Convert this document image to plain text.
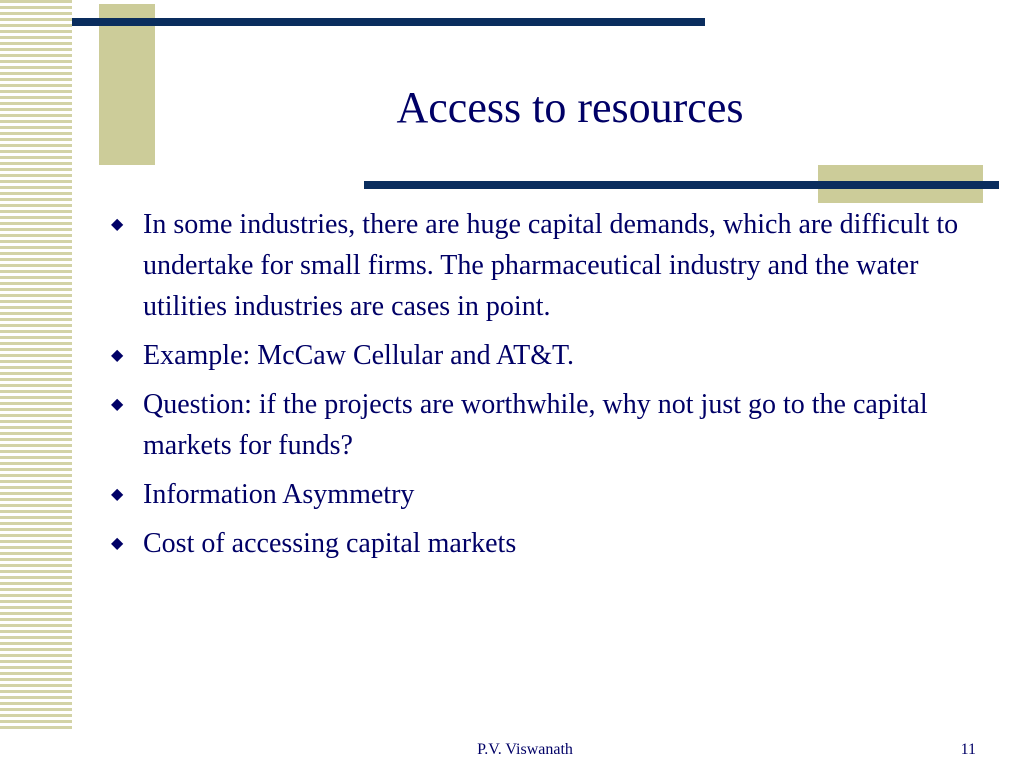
Access to resources
◆ In some industries, there are huge capital demands, which are difficult to undertake for small firms. The pharmaceutical industry and the water utilities industries are cases in point.
◆ Example: McCaw Cellular and AT&T.
◆ Question: if the projects are worthwhile, why not just go to the capital markets for funds?
◆ Information Asymmetry
◆ Cost of accessing capital markets
P.V. Viswanath	11
